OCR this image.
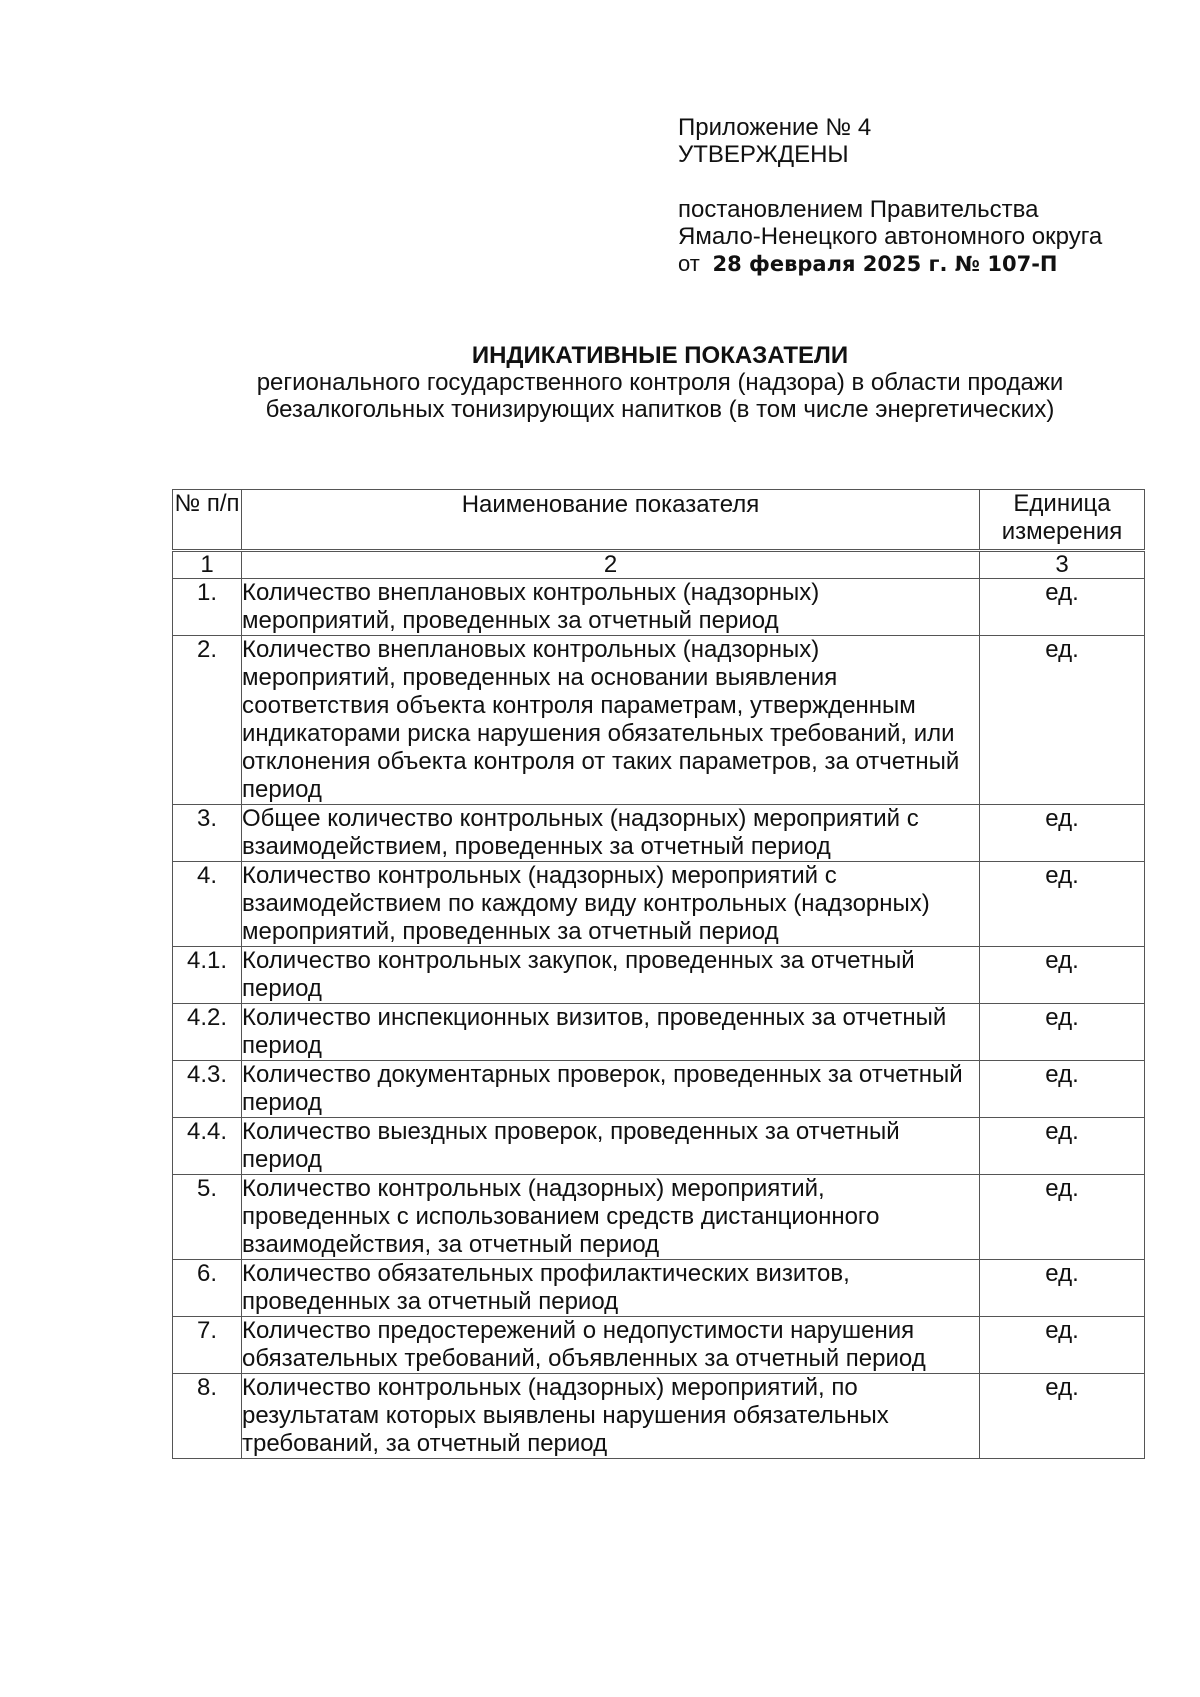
Приложение № 4
УТВЕРЖДЕНЫ
постановлением Правительства
Ямало-Ненецкого автономного округа
от 28 февраля 2025 г. № 107-П
ИНДИКАТИВНЫЕ ПОКАЗАТЕЛИ
регионального государственного контроля (надзора) в области продажи
безалкогольных тонизирующих напитков (в том числе энергетических)
№ п/п	Наименование показателя	Единица измерения
1	2	3
1.	Количество внеплановых контрольных (надзорных) мероприятий, проведенных за отчетный период	ед.
2.	Количество внеплановых контрольных (надзорных) мероприятий, проведенных на основании выявления соответствия объекта контроля параметрам, утвержденным индикаторами риска нарушения обязательных требований, или отклонения объекта контроля от таких параметров, за отчетный период	ед.
3.	Общее количество контрольных (надзорных) мероприятий с взаимодействием, проведенных за отчетный период	ед.
4.	Количество контрольных (надзорных) мероприятий с взаимодействием по каждому виду контрольных (надзорных) мероприятий, проведенных за отчетный период	ед.
4.1.	Количество контрольных закупок, проведенных за отчетный период	ед.
4.2.	Количество инспекционных визитов, проведенных за отчетный период	ед.
4.3.	Количество документарных проверок, проведенных за отчетный период	ед.
4.4.	Количество выездных проверок, проведенных за отчетный период	ед.
5.	Количество контрольных (надзорных) мероприятий, проведенных с использованием средств дистанционного взаимодействия, за отчетный период	ед.
6.	Количество обязательных профилактических визитов, проведенных за отчетный период	ед.
7.	Количество предостережений о недопустимости нарушения обязательных требований, объявленных за отчетный период	ед.
8.	Количество контрольных (надзорных) мероприятий, по результатам которых выявлены нарушения обязательных требований, за отчетный период	ед.
